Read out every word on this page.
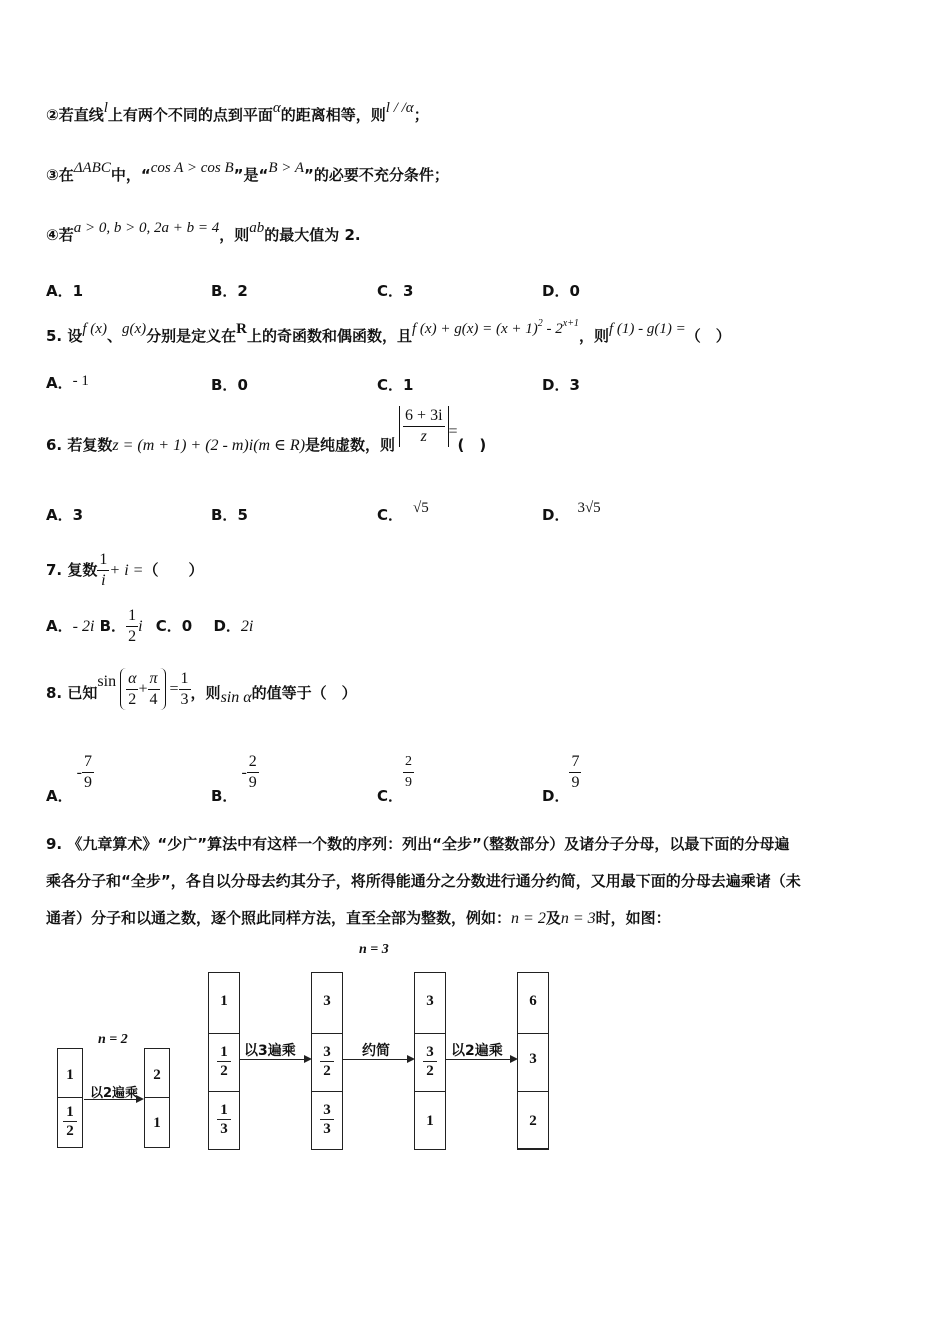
②若直线l上有两个不同的点到平面α的距离相等，则l / /α；
③在ΔABC中，“cos A > cos B”是“B > A”的必要不充分条件；
④若a > 0, b > 0, 2a + b = 4，则ab的最大值为 2.
A．1	B．2	C．3	D．0
5. 设f (x)、g(x)分别是定义在R上的奇函数和偶函数，且f $(x) + g(x) = (x + 1)^2 - 2^{x+1}$，则f (1) - g(1) =（　）
A．- 1	B．0	C．1	D．3
6. 若复数z = (m + 1) + (2 - m)i(m ∈ R)是纯虚数，则 $\frac{6 + 3i}{z}$ =(　)
A．3	B．5	C． √5	D． 3√5
7. 复数 $\frac{1}{i} + i$ =（　　）
A．- 2i B． $\frac{1}{2}$ i C．0 D．2i
8. 已知$\sin \frac{\alpha}{2} + \frac{\pi}{4} = \frac{1}{3}$ ，则sin α的值等于（　）
A．- $\frac{7}{9}$
B．- $\frac{2}{9}$
C．
$\frac{2}{9}$
D．
$\frac{7}{9}$
9. 《九章算术》“少广”算法中有这样一个数的序列：列出“全步”（整数部分）及诸分子分母，以最下面的分母遍
乘各分子和“全步”，各自以分母去约其分子，将所得能通分之分数进行通分约简，又用最下面的分母去遍乘诸（未
通者）分子和以通之数，逐个照此同样方法，直至全部为整数，例如：n = 2及n = 3时，如图：
n = 3
n = 2
1
1
2
以2遍乘
2
1
1
1
2
1
3
以3遍乘
3
3
2
3
3
约简
3
3
2
1
以2遍乘
6
3
2
